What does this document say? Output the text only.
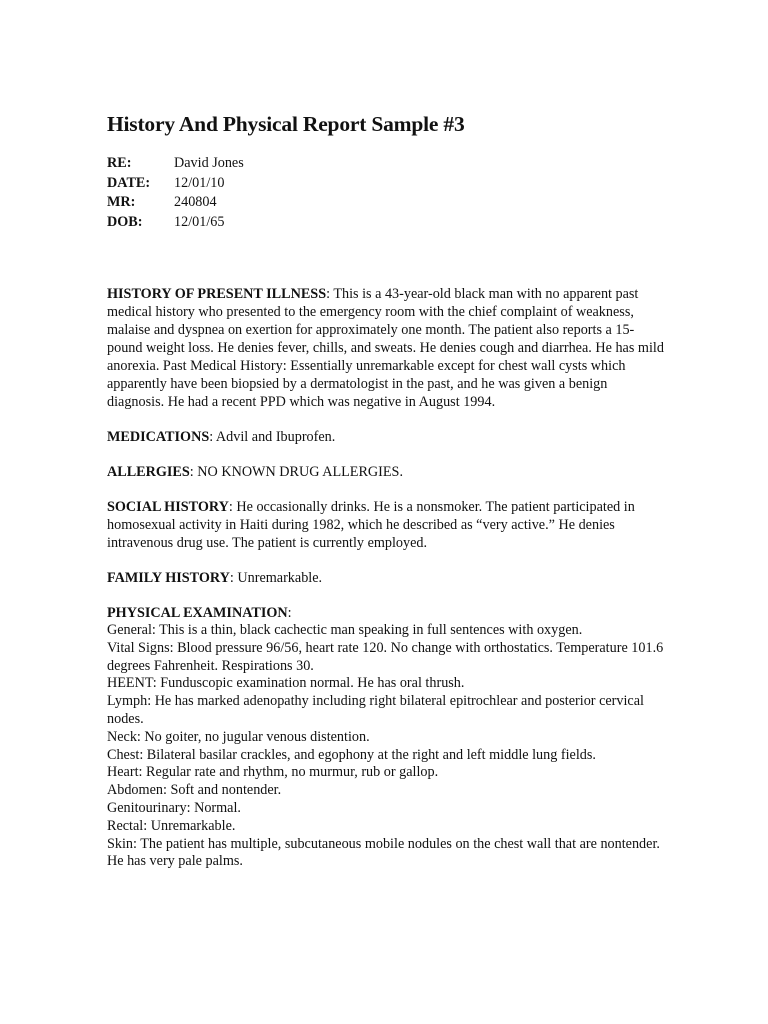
History And Physical Report Sample #3
RE:	David Jones
DATE:	12/01/10
MR:	240804
DOB:	12/01/65

HISTORY OF PRESENT ILLNESS: This is a 43-year-old black man with no apparent past medical history who presented to the emergency room with the chief complaint of weakness, malaise and dyspnea on exertion for approximately one month. The patient also reports a 15-pound weight loss. He denies fever, chills, and sweats. He denies cough and diarrhea. He has mild anorexia. Past Medical History: Essentially unremarkable except for chest wall cysts which apparently have been biopsied by a dermatologist in the past, and he was given a benign diagnosis. He had a recent PPD which was negative in August 1994.

MEDICATIONS: Advil and Ibuprofen.

ALLERGIES: NO KNOWN DRUG ALLERGIES.

SOCIAL HISTORY: He occasionally drinks. He is a nonsmoker. The patient participated in homosexual activity in Haiti during 1982, which he described as “very active.” He denies intravenous drug use. The patient is currently employed.

FAMILY HISTORY: Unremarkable.

PHYSICAL EXAMINATION:
General: This is a thin, black cachectic man speaking in full sentences with oxygen.
Vital Signs: Blood pressure 96/56, heart rate 120. No change with orthostatics. Temperature 101.6 degrees Fahrenheit. Respirations 30.
HEENT: Funduscopic examination normal. He has oral thrush.
Lymph: He has marked adenopathy including right bilateral epitrochlear and posterior cervical nodes.
Neck: No goiter, no jugular venous distention.
Chest: Bilateral basilar crackles, and egophony at the right and left middle lung fields.
Heart: Regular rate and rhythm, no murmur, rub or gallop.
Abdomen: Soft and nontender.
Genitourinary: Normal.
Rectal: Unremarkable.
Skin: The patient has multiple, subcutaneous mobile nodules on the chest wall that are nontender. He has very pale palms.
